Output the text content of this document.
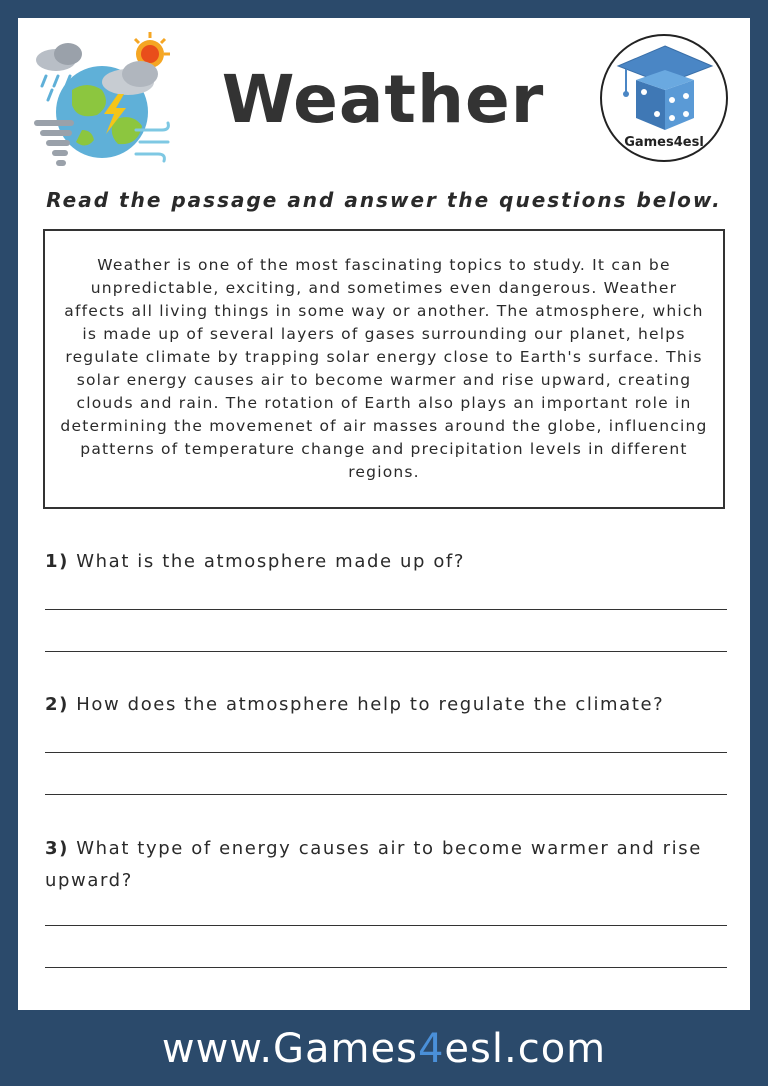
Weather
Games4esl
Read the passage and answer the questions below.

Weather is one of the most fascinating topics to study. It can be unpredictable, exciting, and sometimes even dangerous. Weather affects all living things in some way or another. The atmosphere, which is made up of several layers of gases surrounding our planet, helps regulate climate by trapping solar energy close to Earth's surface. This solar energy causes air to become warmer and rise upward, creating clouds and rain. The rotation of Earth also plays an important role in determining the movemenet of air masses around the globe, influencing patterns of temperature change and precipitation levels in different regions.

1) What is the atmosphere made up of?

2) How does the atmosphere help to regulate the climate?

3) What type of energy causes air to become warmer and rise upward?

www.Games4esl.com
